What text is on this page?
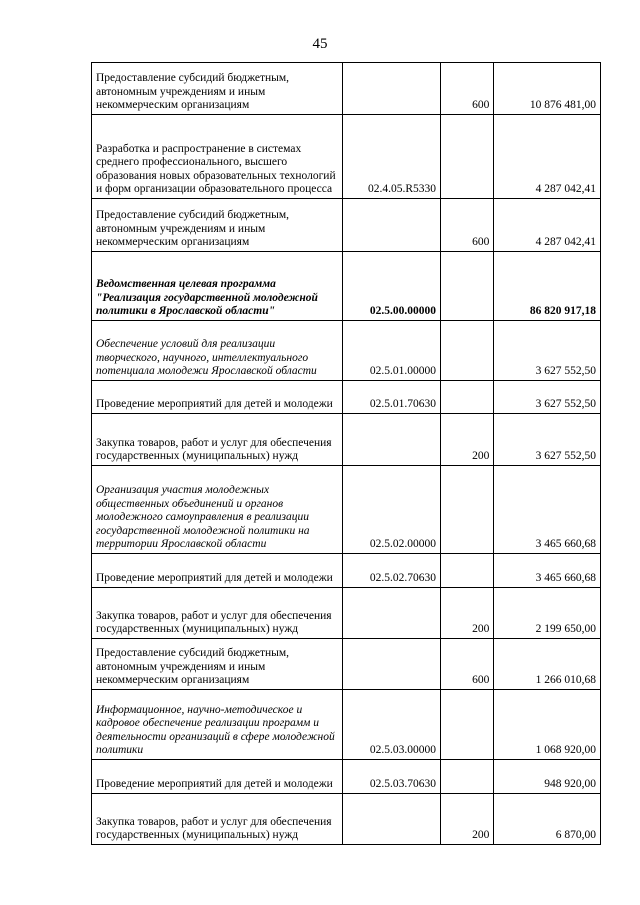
45
Предоставление субсидий бюджетным, автономным учреждениям и иным некоммерческим организациям		600	10 876 481,00
Разработка и распространение в системах среднего профессионального, высшего образования новых образовательных технологий и форм организации образовательного процесса	02.4.05.R5330		4 287 042,41
Предоставление субсидий бюджетным, автономным учреждениям и иным некоммерческим организациям		600	4 287 042,41
Ведомственная целевая программа "Реализация государственной молодежной политики в Ярославской области"	02.5.00.00000		86 820 917,18
Обеспечение условий для реализации творческого, научного, интеллектуального потенциала молодежи Ярославской области	02.5.01.00000		3 627 552,50
Проведение мероприятий для детей и молодежи	02.5.01.70630		3 627 552,50
Закупка товаров, работ и услуг для обеспечения государственных (муниципальных) нужд		200	3 627 552,50
Организация участия молодежных общественных объединений и органов молодежного самоуправления в реализации государственной молодежной политики на территории Ярославской области	02.5.02.00000		3 465 660,68
Проведение мероприятий для детей и молодежи	02.5.02.70630		3 465 660,68
Закупка товаров, работ и услуг для обеспечения государственных (муниципальных) нужд		200	2 199 650,00
Предоставление субсидий бюджетным, автономным учреждениям и иным некоммерческим организациям		600	1 266 010,68
Информационное, научно-методическое и кадровое обеспечение реализации программ и деятельности организаций в сфере молодежной политики	02.5.03.00000		1 068 920,00
Проведение мероприятий для детей и молодежи	02.5.03.70630		948 920,00
Закупка товаров, работ и услуг для обеспечения государственных (муниципальных) нужд		200	6 870,00
